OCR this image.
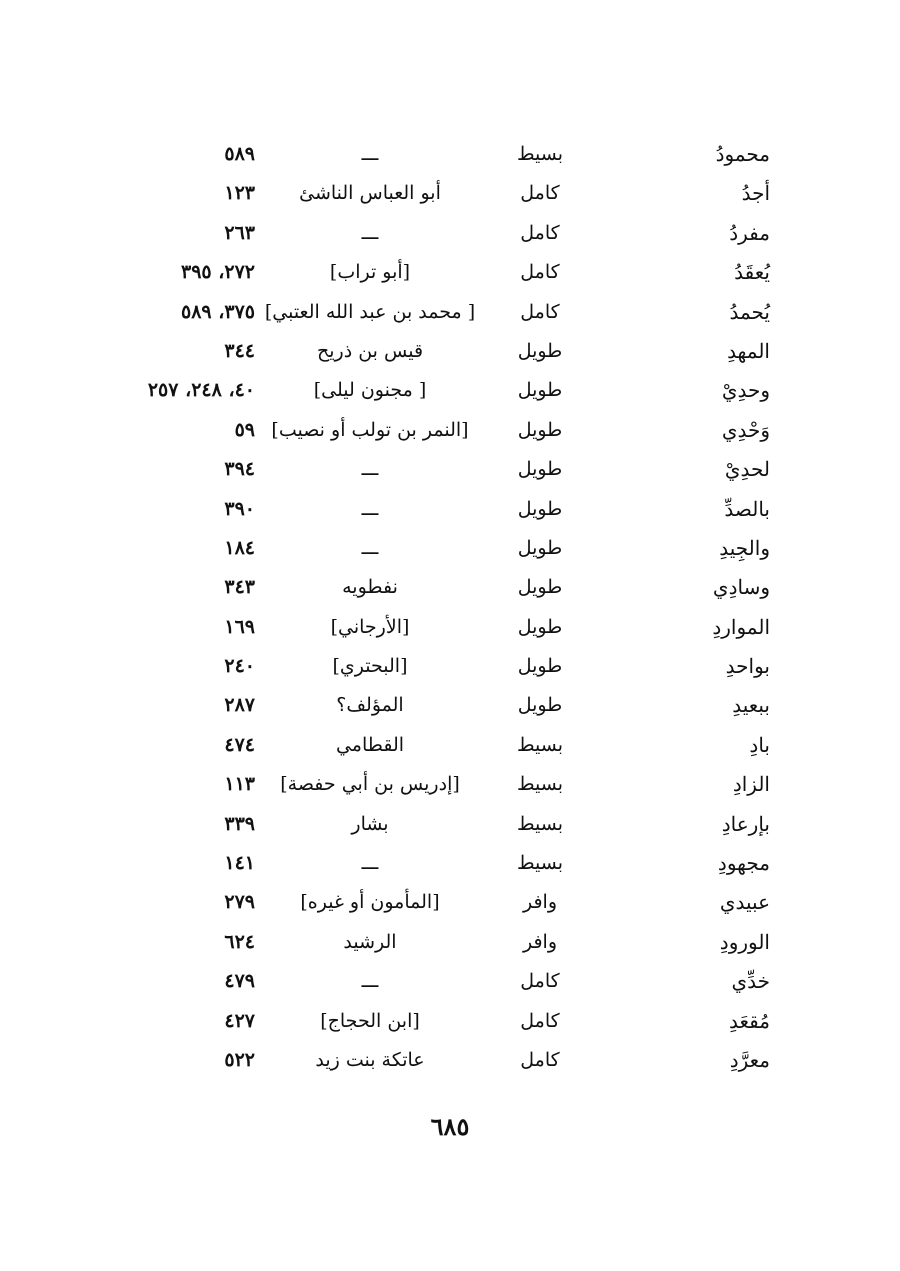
محمودُ
بسيط
ـــ
٥٨٩
أجدُ
كامل
أبو العباس الناشئ
١٢٣
مفردُ
كامل
ـــ
٢٦٣
يُعقَدُ
كامل
[أبو تراب]
٢٧٢، ٣٩٥
يُحمدُ
كامل
[ محمد بن عبد الله العتبي]
٣٧٥، ٥٨٩
المهدِ
طويل
قيس بن ذريح
٣٤٤
وحدِيْ
طويل
[ مجنون ليلى]
٤٠، ٢٤٨، ٢٥٧
وَحْدِي
طويل
[النمر بن تولب أو نصيب]
٥٩
لحدِيْ
طويل
ـــ
٣٩٤
بالصدِّ
طويل
ـــ
٣٩٠
والجِيدِ
طويل
ـــ
١٨٤
وسادِي
طويل
نفطويه
٣٤٣
المواردِ
طويل
[الأرجاني]
١٦٩
بواحدِ
طويل
[البحتري]
٢٤٠
ببعيدِ
طويل
المؤلف؟
٢٨٧
بادِ
بسيط
القطامي
٤٧٤
الزادِ
بسيط
[إدريس بن أبي حفصة]
١١٣
بإرعادِ
بسيط
بشار
٣٣٩
مجهودِ
بسيط
ـــ
١٤١
عبيدي
وافر
[المأمون أو غيره]
٢٧٩
الورودِ
وافر
الرشيد
٦٢٤
خدِّي
كامل
ـــ
٤٧٩
مُقعَدِ
كامل
[ابن الحجاج]
٤٢٧
معرَّدِ
كامل
عاتكة بنت زيد
٥٢٢
٦٨٥
